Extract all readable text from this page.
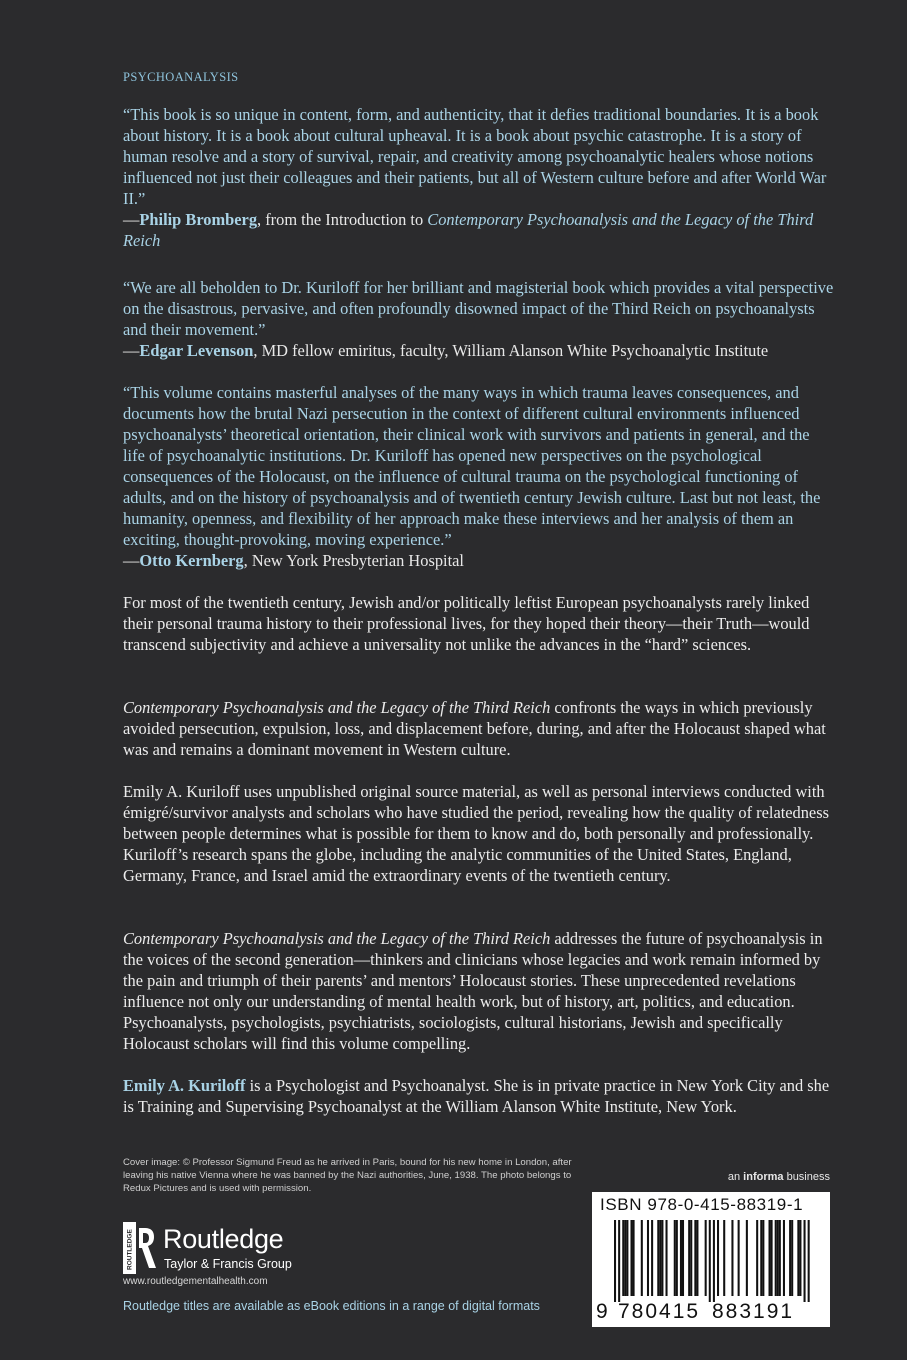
PSYCHOANALYSIS
“This book is so unique in content, form, and authenticity, that it defies traditional boundaries. It is a book about history. It is a book about cultural upheaval. It is a book about psychic catastrophe. It is a story of human resolve and a story of survival, repair, and creativity among psychoanalytic healers whose notions influenced not just their colleagues and their patients, but all of Western culture before and after World War II.”
—Philip Bromberg, from the Introduction to Contemporary Psychoanalysis and the Legacy of the Third Reich
“We are all beholden to Dr. Kuriloff for her brilliant and magisterial book which provides a vital perspective on the disastrous, pervasive, and often profoundly disowned impact of the Third Reich on psychoanalysts and their movement.”
—Edgar Levenson, MD fellow emiritus, faculty, William Alanson White Psychoanalytic Institute
“This volume contains masterful analyses of the many ways in which trauma leaves consequences, and documents how the brutal Nazi persecution in the context of different cultural environments influenced psychoanalysts’ theoretical orientation, their clinical work with survivors and patients in general, and the life of psychoanalytic institutions. Dr. Kuriloff has opened new perspectives on the psychological consequences of the Holocaust, on the influence of cultural trauma on the psychological functioning of adults, and on the history of psychoanalysis and of twentieth century Jewish culture. Last but not least, the humanity, openness, and flexibility of her approach make these interviews and her analysis of them an exciting, thought-provoking, moving experience.”
—Otto Kernberg, New York Presbyterian Hospital
For most of the twentieth century, Jewish and/or politically leftist European psychoanalysts rarely linked their personal trauma history to their professional lives, for they hoped their theory—their Truth—would transcend subjectivity and achieve a universality not unlike the advances in the “hard” sciences.
Contemporary Psychoanalysis and the Legacy of the Third Reich confronts the ways in which previously avoided persecution, expulsion, loss, and displacement before, during, and after the Holocaust shaped what was and remains a dominant movement in Western culture.
Emily A. Kuriloff uses unpublished original source material, as well as personal interviews conducted with émigré/survivor analysts and scholars who have studied the period, revealing how the quality of relatedness between people determines what is possible for them to know and do, both personally and professionally. Kuriloff’s research spans the globe, including the analytic communities of the United States, England, Germany, France, and Israel amid the extraordinary events of the twentieth century.
Contemporary Psychoanalysis and the Legacy of the Third Reich addresses the future of psychoanalysis in the voices of the second generation—thinkers and clinicians whose legacies and work remain informed by the pain and triumph of their parents’ and mentors’ Holocaust stories. These unprecedented revelations influence not only our understanding of mental health work, but of history, art, politics, and education. Psychoanalysts, psychologists, psychiatrists, sociologists, cultural historians, Jewish and specifically Holocaust scholars will find this volume compelling.
Emily A. Kuriloff is a Psychologist and Psychoanalyst. She is in private practice in New York City and she is Training and Supervising Psychoanalyst at the William Alanson White Institute, New York.
Cover image: © Professor Sigmund Freud as he arrived in Paris, bound for his new home in London, after leaving his native Vienna where he was banned by the Nazi authorities, June, 1938. The photo belongs to Redux Pictures and is used with permission.
ROUTLEDGE Routledge
Taylor & Francis Group
www.routledgementalhealth.com
Routledge titles are available as eBook editions in a range of digital formats
an informa business
ISBN 978-0-415-88319-1
9 780415 883191
